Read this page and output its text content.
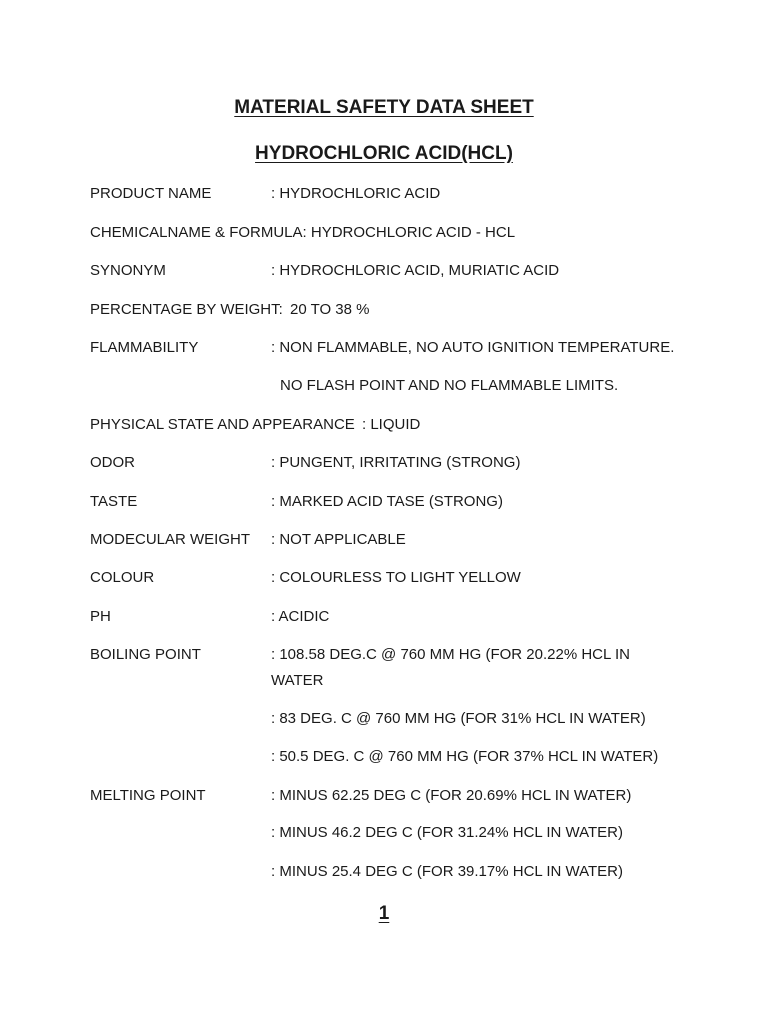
MATERIAL SAFETY DATA SHEET
HYDROCHLORIC ACID(HCL)
PRODUCT NAME	: HYDROCHLORIC ACID
CHEMICALNAME & FORMULA: HYDROCHLORIC ACID - HCL
SYNONYM	: HYDROCHLORIC ACID, MURIATIC ACID
PERCENTAGE BY WEIGHT: 20 TO 38 %
FLAMMABILITY	: NON FLAMMABLE, NO AUTO IGNITION TEMPERATURE.
NO FLASH POINT AND NO FLAMMABLE LIMITS.
PHYSICAL STATE AND APPEARANCE : LIQUID
ODOR	: PUNGENT, IRRITATING (STRONG)
TASTE	: MARKED ACID TASE (STRONG)
MODECULAR WEIGHT : NOT APPLICABLE
COLOUR	: COLOURLESS TO LIGHT YELLOW
PH	: ACIDIC
BOILING POINT	: 108.58 DEG.C @ 760 MM HG (FOR 20.22% HCL IN
WATER
: 83 DEG. C @ 760 MM HG (FOR 31% HCL IN WATER)
: 50.5 DEG. C @ 760 MM HG (FOR 37% HCL IN WATER)
MELTING POINT	: MINUS 62.25 DEG C (FOR 20.69% HCL IN WATER)
: MINUS 46.2 DEG C (FOR 31.24% HCL IN WATER)
: MINUS 25.4 DEG C (FOR 39.17% HCL IN WATER)
1
